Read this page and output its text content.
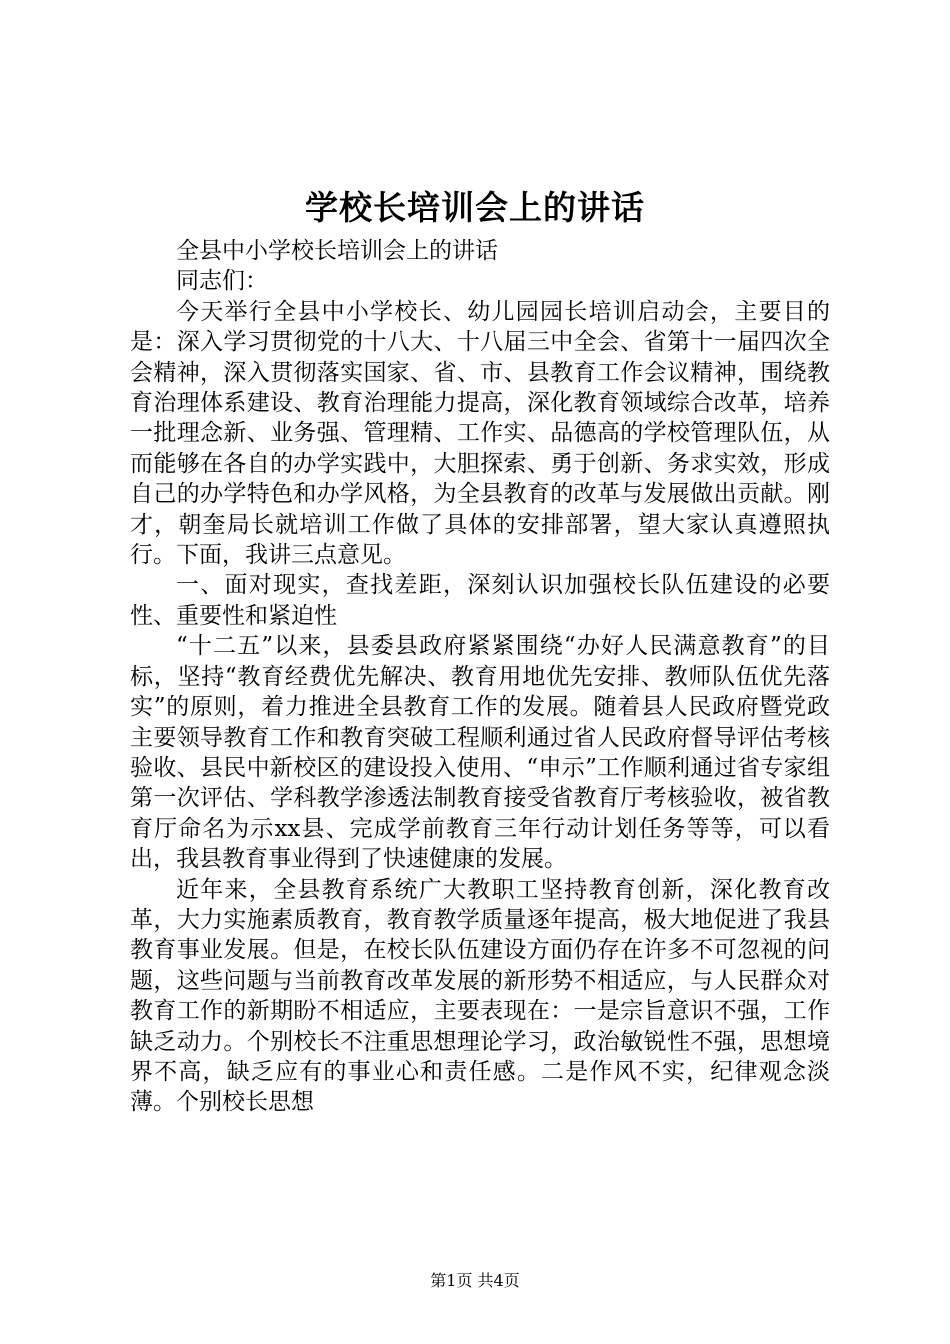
学校长培训会上的讲话

全县中小学校长培训会上的讲话

同志们：

今天举行全县中小学校长、幼儿园园长培训启动会，主要目的是：深入学习贯彻党的十八大、十八届三中全会、省第十一届四次全会精神，深入贯彻落实国家、省、市、县教育工作会议精神，围绕教育治理体系建设、教育治理能力提高，深化教育领域综合改革，培养一批理念新、业务强、管理精、工作实、品德高的学校管理队伍，从而能够在各自的办学实践中，大胆探索、勇于创新、务求实效，形成自己的办学特色和办学风格，为全县教育的改革与发展做出贡献。刚才，朝奎局长就培训工作做了具体的安排部署，望大家认真遵照执行。下面，我讲三点意见。

一、面对现实，查找差距，深刻认识加强校长队伍建设的必要性、重要性和紧迫性

“十二五”以来，县委县政府紧紧围绕“办好人民满意教育”的目标，坚持“教育经费优先解决、教育用地优先安排、教师队伍优先落实”的原则，着力推进全县教育工作的发展。随着县人民政府暨党政主要领导教育工作和教育突破工程顺利通过省人民政府督导评估考核验收、县民中新校区的建设投入使用、“申示”工作顺利通过省专家组第一次评估、学科教学渗透法制教育接受省教育厅考核验收，被省教育厅命名为示xx县、完成学前教育三年行动计划任务等等，可以看出，我县教育事业得到了快速健康的发展。

近年来，全县教育系统广大教职工坚持教育创新，深化教育改革，大力实施素质教育，教育教学质量逐年提高，极大地促进了我县教育事业发展。但是，在校长队伍建设方面仍存在许多不可忽视的问题，这些问题与当前教育改革发展的新形势不相适应，与人民群众对教育工作的新期盼不相适应，主要表现在：一是宗旨意识不强，工作缺乏动力。个别校长不注重思想理论学习，政治敏锐性不强，思想境界不高，缺乏应有的事业心和责任感。二是作风不实，纪律观念淡薄。个别校长思想

第1页 共4页
